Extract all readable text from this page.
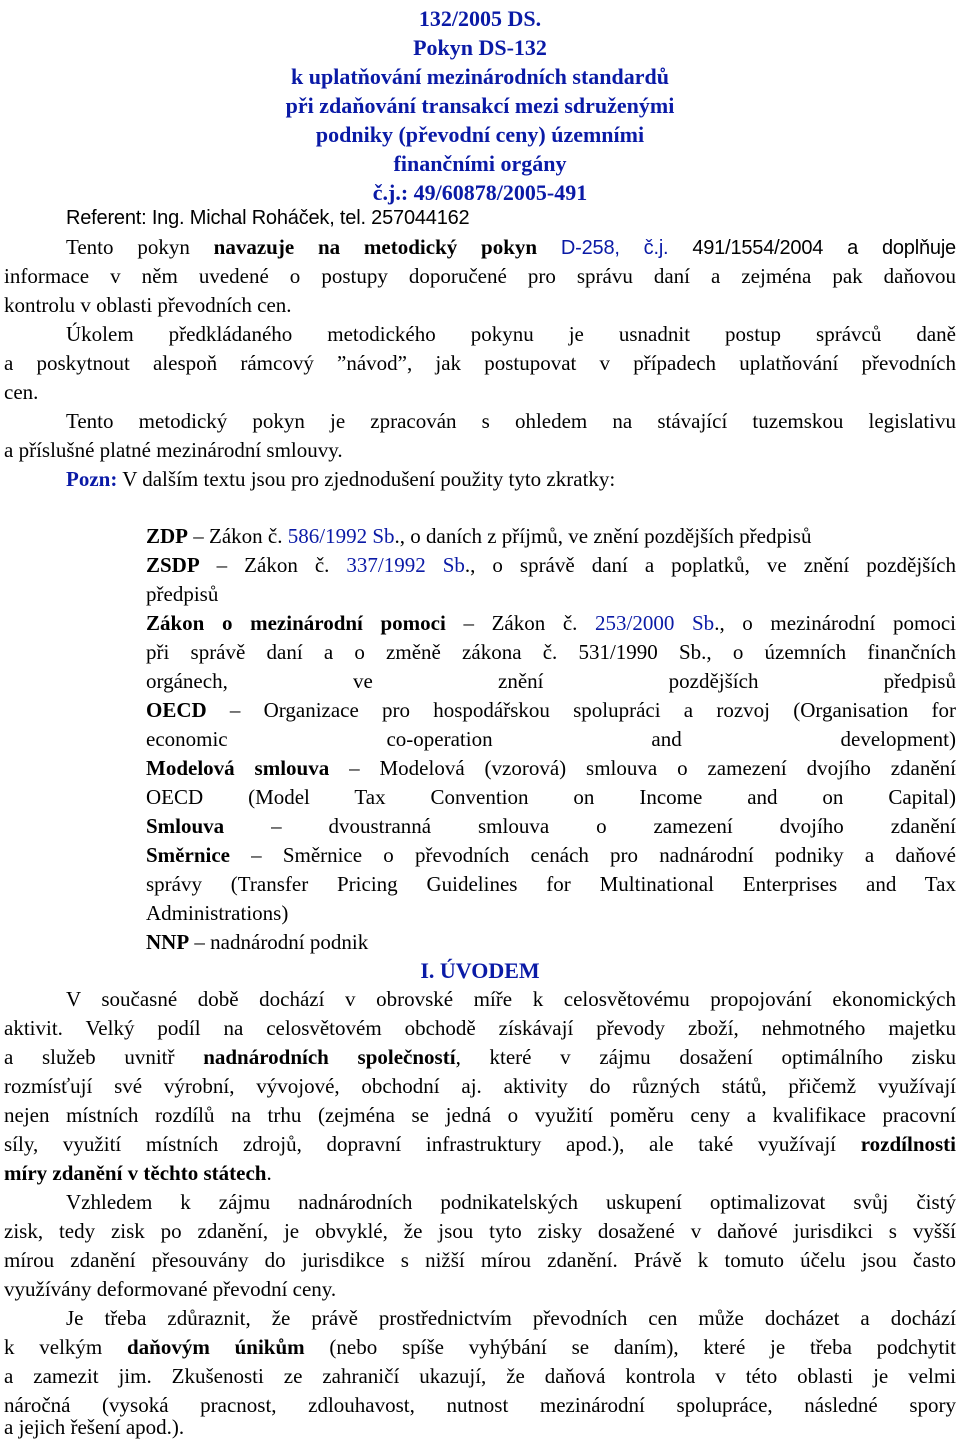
132/2005 DS.
Pokyn DS-132
k uplatňování mezinárodních standardů
při zdaňování transakcí mezi sdruženými
podniky (převodní ceny) územními
finančními orgány
č.j.: 49/60878/2005-491
Referent: Ing. Michal Roháček, tel. 257044162
Tento pokyn navazuje na metodický pokyn D-258, č.j. 491/1554/2004 a doplňuje
informace v něm uvedené o postupy doporučené pro správu daní a zejména pak daňovou
kontrolu v oblasti převodních cen.
Úkolem předkládaného metodického pokynu je usnadnit postup správců daně
a poskytnout alespoň rámcový ”návod”, jak postupovat v případech uplatňování převodních
cen.
Tento metodický pokyn je zpracován s ohledem na stávající tuzemskou legislativu
a příslušné platné mezinárodní smlouvy.
Pozn: V dalším textu jsou pro zjednodušení použity tyto zkratky:
ZDP – Zákon č. 586/1992 Sb., o daních z příjmů, ve znění pozdějších předpisů
ZSDP – Zákon č. 337/1992 Sb., o správě daní a poplatků, ve znění pozdějších
předpisů
Zákon o mezinárodní pomoci – Zákon č. 253/2000 Sb., o mezinárodní pomoci
při správě daní a o změně zákona č. 531/1990 Sb., o územních finančních
orgánech,	ve	znění	pozdějších	předpisů
OECD – Organizace pro hospodářskou spolupráci a rozvoj (Organisation for
economic	co-operation	and	development)
Modelová smlouva – Modelová (vzorová) smlouva o zamezení dvojího zdanění
OECD (Model Tax Convention on Income and on Capital)
Smlouva – dvoustranná smlouva o zamezení dvojího zdanění
Směrnice – Směrnice o převodních cenách pro nadnárodní podniky a daňové
správy (Transfer Pricing Guidelines for Multinational Enterprises and Tax
Administrations)
NNP – nadnárodní podnik
I. ÚVODEM
V současné době dochází v obrovské míře k celosvětovému propojování ekonomických
aktivit. Velký podíl na celosvětovém obchodě získávají převody zboží, nehmotného majetku
a služeb uvnitř nadnárodních společností, které v zájmu dosažení optimálního zisku
rozmísťují své výrobní, vývojové, obchodní aj. aktivity do různých států, přičemž využívají
nejen místních rozdílů na trhu (zejména se jedná o využití poměru ceny a kvalifikace pracovní
síly, využití místních zdrojů, dopravní infrastruktury apod.), ale také využívají rozdílnosti
míry zdanění v těchto státech.
Vzhledem k zájmu nadnárodních podnikatelských uskupení optimalizovat svůj čistý
zisk, tedy zisk po zdanění, je obvyklé, že jsou tyto zisky dosažené v daňové jurisdikci s vyšší
mírou zdanění přesouvány do jurisdikce s nižší mírou zdanění. Právě k tomuto účelu jsou často
využívány deformované převodní ceny.
Je třeba zdůraznit, že právě prostřednictvím převodních cen může docházet a dochází
k velkým daňovým únikům (nebo spíše vyhýbání se daním), které je třeba podchytit
a zamezit jim. Zkušenosti ze zahraničí ukazují, že daňová kontrola v této oblasti je velmi
náročná (vysoká pracnost, zdlouhavost, nutnost mezinárodní spolupráce, následné spory
a jejich řešení apod.).
